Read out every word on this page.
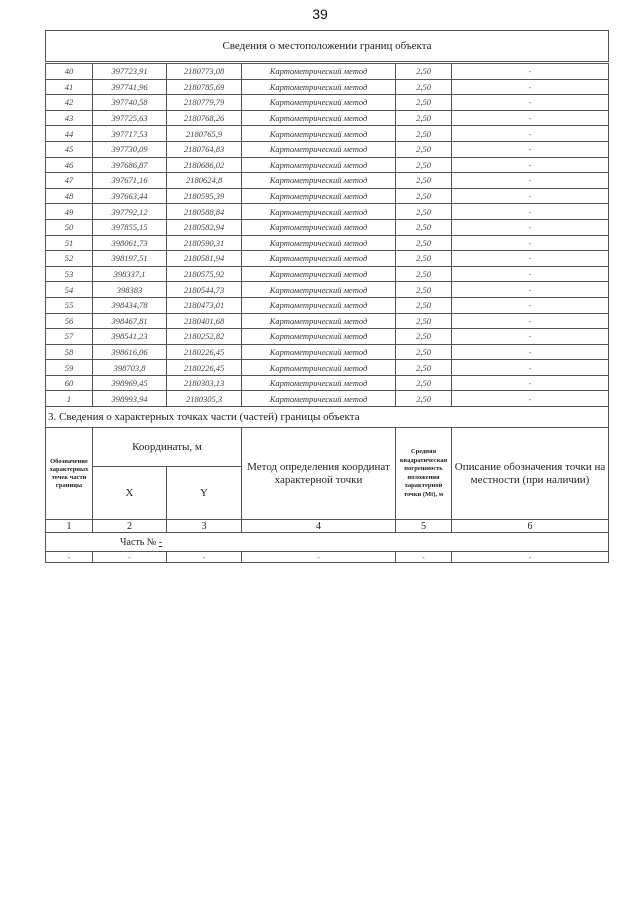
39
Сведения о местоположении границ объекта					
40	397723,91	2180773,08	Картометрический метод	2,50	-
41	397741,96	2180785,69	Картометрический метод	2,50	-
42	397740,58	2180779,79	Картометрический метод	2,50	-
43	397725,63	2180768,26	Картометрический метод	2,50	-
44	397717,53	2180765,9	Картометрический метод	2,50	-
45	397730,09	2180764,83	Картометрический метод	2,50	-
46	397686,87	2180686,02	Картометрический метод	2,50	-
47	397671,16	2180624,8	Картометрический метод	2,50	-
48	397663,44	2180595,39	Картометрический метод	2,50	-
49	397792,12	2180588,84	Картометрический метод	2,50	-
50	397855,15	2180582,94	Картометрический метод	2,50	-
51	398061,73	2180590,31	Картометрический метод	2,50	-
52	398197,51	2180581,94	Картометрический метод	2,50	-
53	398337,1	2180575,92	Картометрический метод	2,50	-
54	398383	2180544,73	Картометрический метод	2,50	-
55	398434,78	2180473,01	Картометрический метод	2,50	-
56	398467,81	2180401,68	Картометрический метод	2,50	-
57	398541,23	2180252,82	Картометрический метод	2,50	-
58	398616,06	2180226,45	Картометрический метод	2,50	-
59	398703,8	2180226,45	Картометрический метод	2,50	-
60	398969,45	2180303,13	Картометрический метод	2,50	-
1	398993,94	2180305,3	Картометрический метод	2,50	-
3. Сведения о характерных точках части (частей) границы объекта					
Обозначение характерных точек части границы	Координаты, м		Метод определения координат характерной точки	Средняя квадратическая погрешность положения характерной точки (Mt), м	Описание обозначения точки на местности (при наличии)
	X	Y			
1	2	3	4	5	6
Часть № -					
-	-	-	-	-	-
